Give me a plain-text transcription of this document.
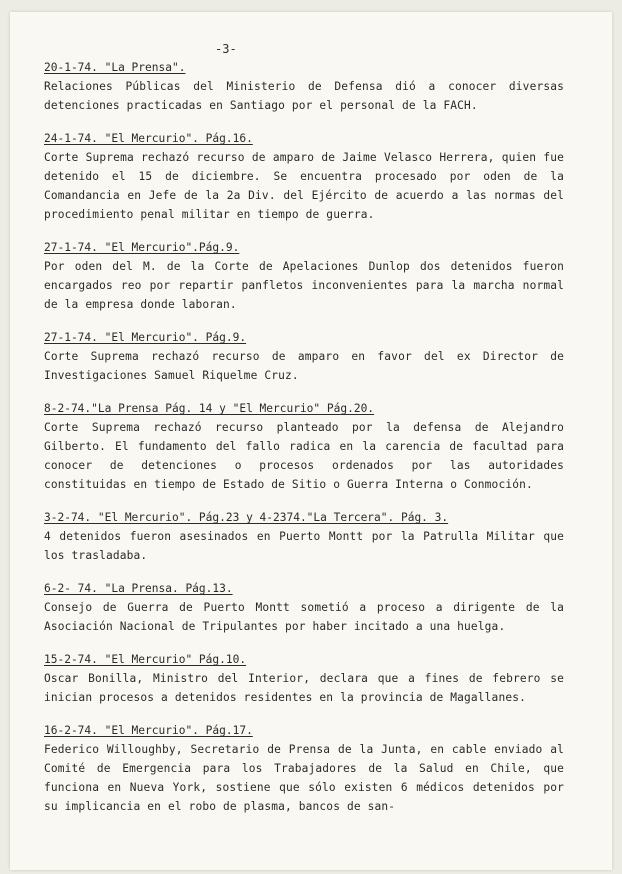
-3-
20-1-74. "La Prensa".
Relaciones Públicas del Ministerio de Defensa dió a conocer diversas detenciones practicadas en Santiago por el personal de la FACH.
24-1-74. "El Mercurio". Pág.16.
Corte Suprema rechazó recurso de amparo de Jaime Velasco Herrera, quien fue detenido el 15 de diciembre. Se encuentra procesado por oden de la Comandancia en Jefe de la 2a Div. del Ejército de acuerdo a las normas del procedimiento penal militar en tiempo de guerra.
27-1-74. "El Mercurio".Pág.9.
Por oden del M. de la Corte de Apelaciones Dunlop dos detenidos fueron encargados reo por repartir panfletos inconvenientes para la marcha normal de la empresa donde laboran.
27-1-74. "El Mercurio". Pág.9.
Corte Suprema rechazó recurso de amparo en favor del ex Director de Investigaciones Samuel Riquelme Cruz.
8-2-74."La Prensa Pág. 14 y "El Mercurio" Pág.20.
Corte Suprema rechazó recurso planteado por la defensa de Alejandro Gilberto. El fundamento del fallo radica en la carencia de facultad para conocer de detenciones o procesos ordenados por las autoridades constituidas en tiempo de Estado de Sitio o Guerra Interna o Conmoción.
3-2-74. "El Mercurio". Pág.23 y 4-2374."La Tercera". Pág. 3.
4 detenidos fueron asesinados en Puerto Montt por la Patrulla Militar que los trasladaba.
6-2- 74. "La Prensa. Pág.13.
Consejo de Guerra de Puerto Montt sometió a proceso a dirigente de la Asociación Nacional de Tripulantes por haber incitado a una huelga.
15-2-74. "El Mercurio" Pág.10.
Oscar Bonilla, Ministro del Interior, declara que a fines de febrero se inician procesos a detenidos residentes en la provincia de Magallanes.
16-2-74. "El Mercurio". Pág.17.
Federico Willoughby, Secretario de Prensa de la Junta, en cable enviado al Comité de Emergencia para los Trabajadores de la Salud en Chile, que funciona en Nueva York, sostiene que sólo existen 6 médicos detenidos por su implicancia en el robo de plasma, bancos de san-
